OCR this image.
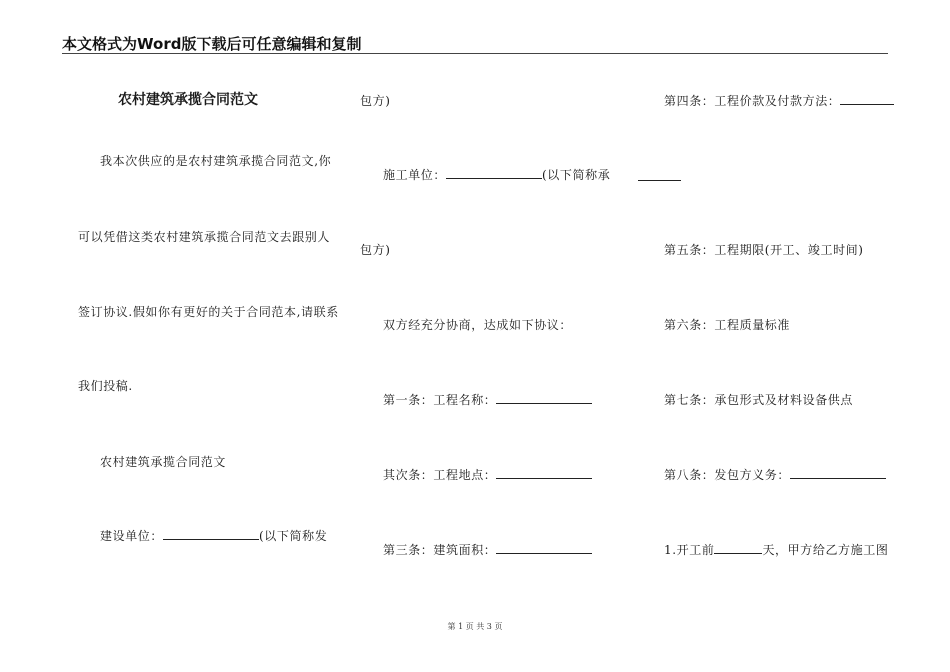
本文格式为Word版下载后可任意编辑和复制
农村建筑承揽合同范文
我本次供应的是农村建筑承揽合同范文,你
可以凭借这类农村建筑承揽合同范文去跟别人
签订协议.假如你有更好的关于合同范本,请联系
我们投稿.
农村建筑承揽合同范文
建设单位：	(以下简称发
包方)
施工单位：	(以下简称承
包方)
双方经充分协商，达成如下协议：
第一条：工程名称：
其次条：工程地点：
第三条：建筑面积：
第四条：工程价款及付款方法：
第五条：工程期限(开工、竣工时间)
第六条：工程质量标准
第七条：承包形式及材料设备供点
第八条：发包方义务：
1.开工前	天，甲方给乙方施工图
第 1 页 共 3 页
